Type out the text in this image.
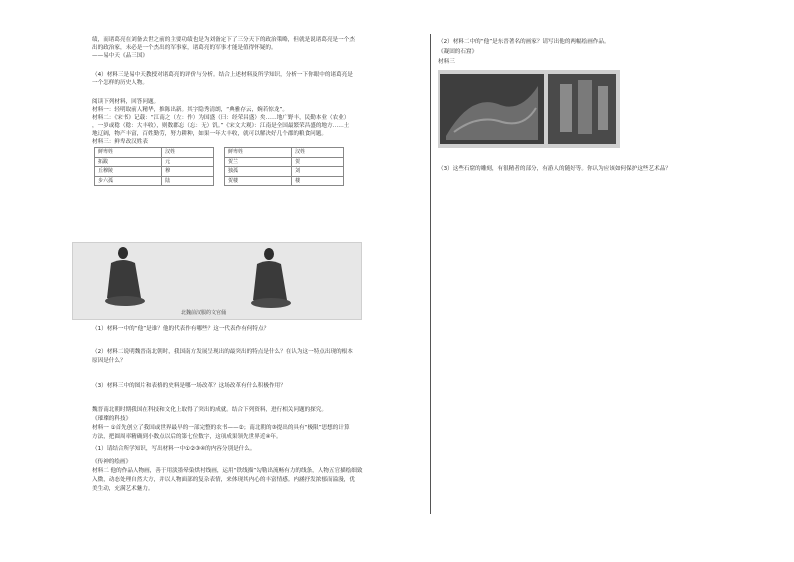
绩，而诸葛亮在刘备去世之前的主要功绩也是为刘备定下了三分天下的政治策略，但就是说诸葛亮是一个杰

出的政治家，未必是一个杰出的军事家，诸葛亮的军事才能是值得怀疑的。

——易中天《品三国》

（4）材料三是易中天教授对诸葛亮的评价与分析。结合上述材料及所学知识，分析一下你眼中的诸葛亮是

一个怎样的历史人物。

阅读下列材料，回答问题。

材料一：轻明取前人精华，推陈出新。其字隐秀清朗，“典雅存云，婉若惊龙”。

材料二：《宋书》记载：“江南之（左：作）为国盛（曰：经荣昌盛）矣……地广野丰，民勤本业（农业）

，一岁或稔（稔：大丰收），则数郡忘（忘：无）饥。”《宋文大观》：江南是全国最繁荣昌盛的地方……土

地辽阔，物产丰富，百姓勤劳，努力耕种，如果一年大丰收，就可以解决好几个郡的粮食问题。

材料三：鲜卑改汉姓表

鲜卑姓	汉姓
拓跋	元
丘穆陵	穆
步六孤	陆
鲜卑姓	汉姓
贺兰	贺
独孤	刘
贺楼	楼
北魏前汉服的文官俑

（1）材料一中的“他”是谁？他的代表作有哪些？这一代表作有何特点？

（2）材料二说明魏晋南北朝时，我国南方发展呈现出的最突出的特点是什么？在认为这一特点出现的根本

原因是什么？

（3）材料三中的图片和表格的史料是哪一场改革？这场改革有什么积极作用？

魏晋南北朝时期我国在科技和文化上取得了突出的成就。结合下列资料，进行相关问题的探究。

《璀璨的科技》

材料一 ①首先创立了我国或世界最早的一部完整的农书——②；南北朝的③提出的具有“极限”思想的计算

方法，把圆周率精确到小数点以后的第七位数字，这项成果领先世界近④年。

（1）请结合所学知识，写出材料一中①②③④的内容分别是什么。

《传神的绘画》

材料二 他的作品人物画，善于用淡墨晕染烘衬线画，运用“铁线描”勾勒出流畅有力的线条，人物五官描绘细致

入微，动态处理自然大方，并以人物面部的复杂表情，来体现其内心的丰富情感。内涵抒发浓郁而溢漫，优

美生动，充满艺术魅力。

（2）材料二中的“他”是东晋著名的画家？请写出他的两幅绘画作品。

《凝固的石窟》

材料三

（3）这些石窟的雕刻，有很精者的部分，有游人的随好等。你认为应该如何保护这些艺术品？
